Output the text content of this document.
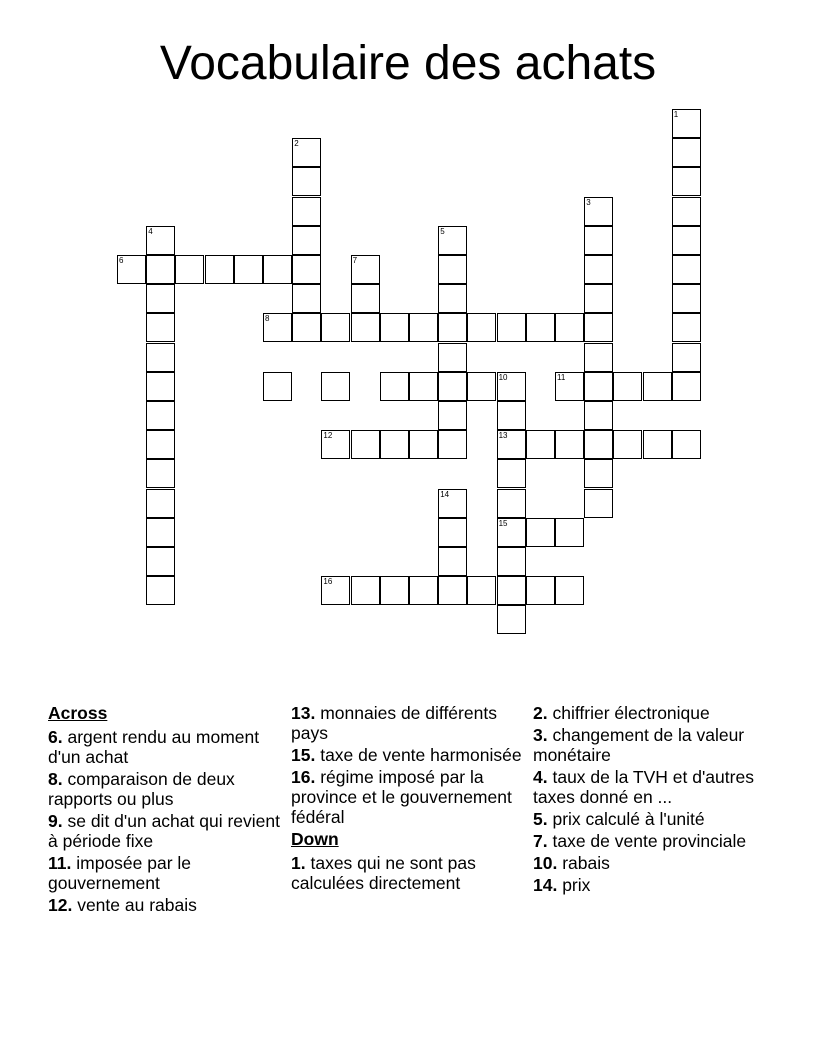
Vocabulaire des achats
1
2
3
4	5
6	7
8
10
13
15
11
12
14
16
Across
6. argent rendu au moment d'un achat
8. comparaison de deux rapports ou plus
9. se dit d'un achat qui revient à période fixe
11. imposée par le gouvernement
12. vente au rabais
13. monnaies de différents pays
15. taxe de vente harmonisée
16. régime imposé par la province et le gouvernement fédéral
Down
1. taxes qui ne sont pas calculées directement
2. chiffrier électronique
3. changement de la valeur monétaire
4. taux de la TVH et d'autres taxes donné en ...
5. prix calculé à l'unité
7. taxe de vente provinciale
10. rabais
14. prix
